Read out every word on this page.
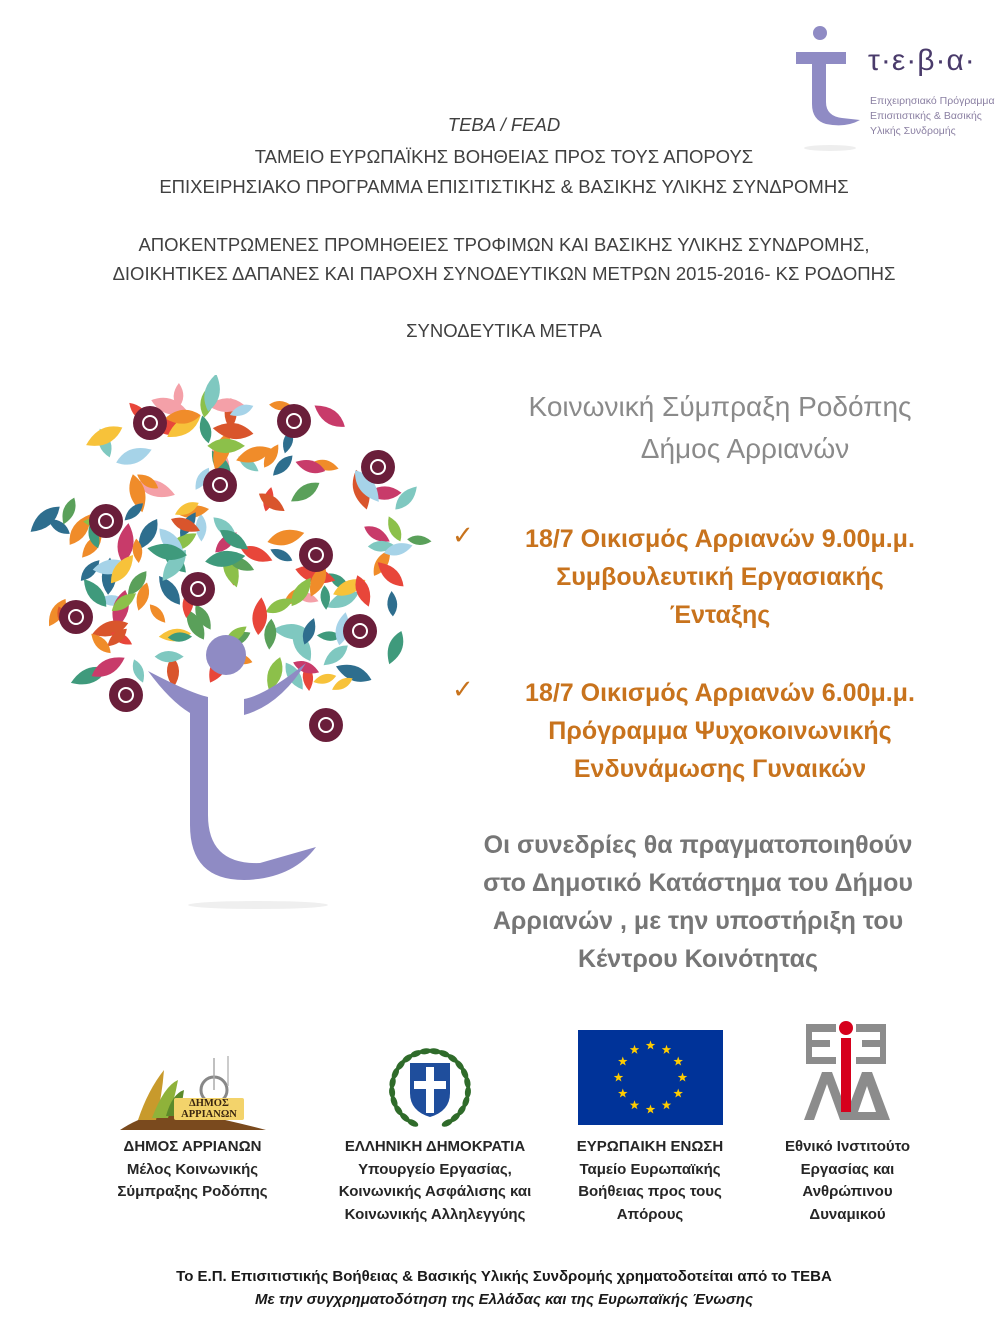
τ·ε·β·α·
Επιχειρησιακό Πρόγραμμα
Επισιτιστικής & Βασικής
Υλικής Συνδρομής
TEBA / FEAD
ΤΑΜΕΙΟ ΕΥΡΩΠΑΪΚΗΣ ΒΟΗΘΕΙΑΣ ΠΡΟΣ ΤΟΥΣ ΑΠΟΡΟΥΣ
ΕΠΙΧΕΙΡΗΣΙΑΚΟ ΠΡΟΓΡΑΜΜΑ ΕΠΙΣΙΤΙΣΤΙΚΗΣ & ΒΑΣΙΚΗΣ ΥΛΙΚΗΣ ΣΥΝΔΡΟΜΗΣ
ΑΠΟΚΕΝΤΡΩΜΕΝΕΣ ΠΡΟΜΗΘΕΙΕΣ ΤΡΟΦΙΜΩΝ ΚΑΙ ΒΑΣΙΚΗΣ ΥΛΙΚΗΣ ΣΥΝΔΡΟΜΗΣ,
ΔΙΟΙΚΗΤΙΚΕΣ ΔΑΠΑΝΕΣ ΚΑΙ ΠΑΡΟΧΗ ΣΥΝΟΔΕΥΤΙΚΩΝ ΜΕΤΡΩΝ 2015-2016- ΚΣ ΡΟΔΟΠΗΣ
ΣΥΝΟΔΕΥΤΙΚΑ ΜΕΤΡΑ
Κοινωνική Σύμπραξη Ροδόπης
Δήμος Αρριανών
✓	18/7 Οικισμός Αρριανών 9.00μ.μ.
Συμβουλευτική Εργασιακής
Ένταξης
✓	18/7 Οικισμός Αρριανών 6.00μ.μ.
Πρόγραμμα Ψυχοκοινωνικής
Ενδυνάμωσης Γυναικών
Οι συνεδρίες θα πραγματοποιηθούν
στο Δημοτικό Κατάστημα του Δήμου
Αρριανών , με την υποστήριξη του
Κέντρου Κοινότητας
ΔΗΜΟΣ ΑΡΡΙΑΝΩΝ
ΔΗΜΟΣ ΑΡΡΙΑΝΩΝ
Μέλος Κοινωνικής
Σύμπραξης Ροδόπης
ΕΛΛΗΝΙΚΗ ΔΗΜΟΚΡΑΤΙΑ
Υπουργείο Εργασίας,
Κοινωνικής Ασφάλισης και
Κοινωνικής Αλληλεγγύης
ΕΥΡΩΠΑΙΚΗ ΕΝΩΣΗ
Ταμείο Ευρωπαϊκής
Βοήθειας προς τους
Απόρους
Εθνικό Ινστιτούτο
Εργασίας και
Ανθρώπινου
Δυναμικού
Το Ε.Π. Επισιτιστικής Βοήθειας & Βασικής Υλικής Συνδρομής χρηματοδοτείται από το ΤΕΒΑ
Με την συγχρηματοδότηση της Ελλάδας και της Ευρωπαϊκής Ένωσης
